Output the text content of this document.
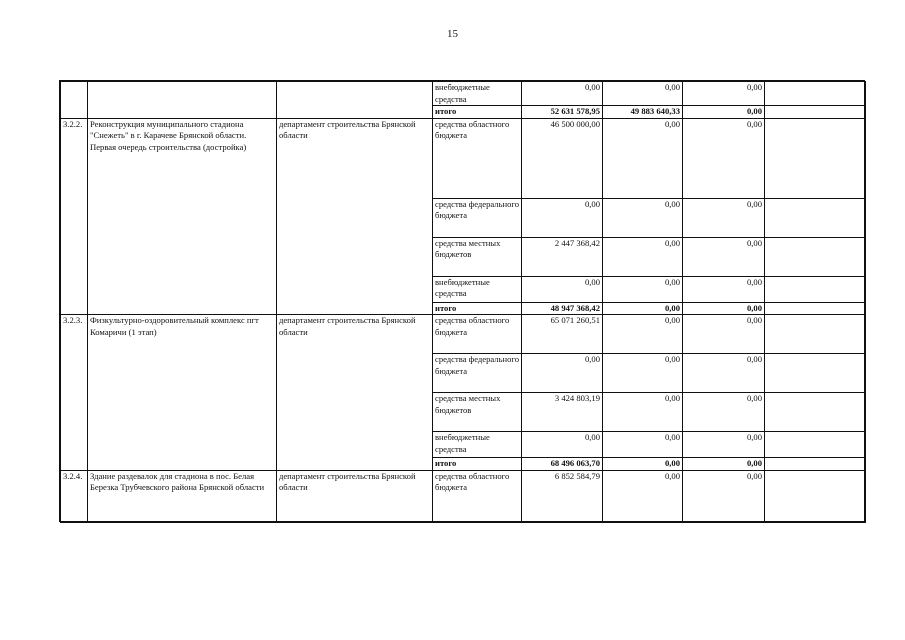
15
			внебюджетные средства	0,00	0,00	0,00	
			итого	52 631 578,95	49 883 640,33	0,00	
3.2.2.	Реконструкция муниципального стадиона "Снежеть" в г. Карачеве Брянской области. Первая очередь строительства (достройка)	департамент строительства Брянской области	средства областного бюджета	46 500 000,00	0,00	0,00	
			средства федерального бюджета	0,00	0,00	0,00	
			средства местных бюджетов	2 447 368,42	0,00	0,00	
			внебюджетные средства	0,00	0,00	0,00	
			итого	48 947 368,42	0,00	0,00	
3.2.3.	Физкультурно-оздоровительный комплекс пгт Комаричи (1 этап)	департамент строительства Брянской области	средства областного бюджета	65 071 260,51	0,00	0,00	
			средства федерального бюджета	0,00	0,00	0,00	
			средства местных бюджетов	3 424 803,19	0,00	0,00	
			внебюджетные средства	0,00	0,00	0,00	
			итого	68 496 063,70	0,00	0,00	
3.2.4.	Здание раздевалок для стадиона в пос. Белая Березка Трубчевского района Брянской области	департамент строительства Брянской области	средства областного бюджета	6 852 584,79	0,00	0,00	
